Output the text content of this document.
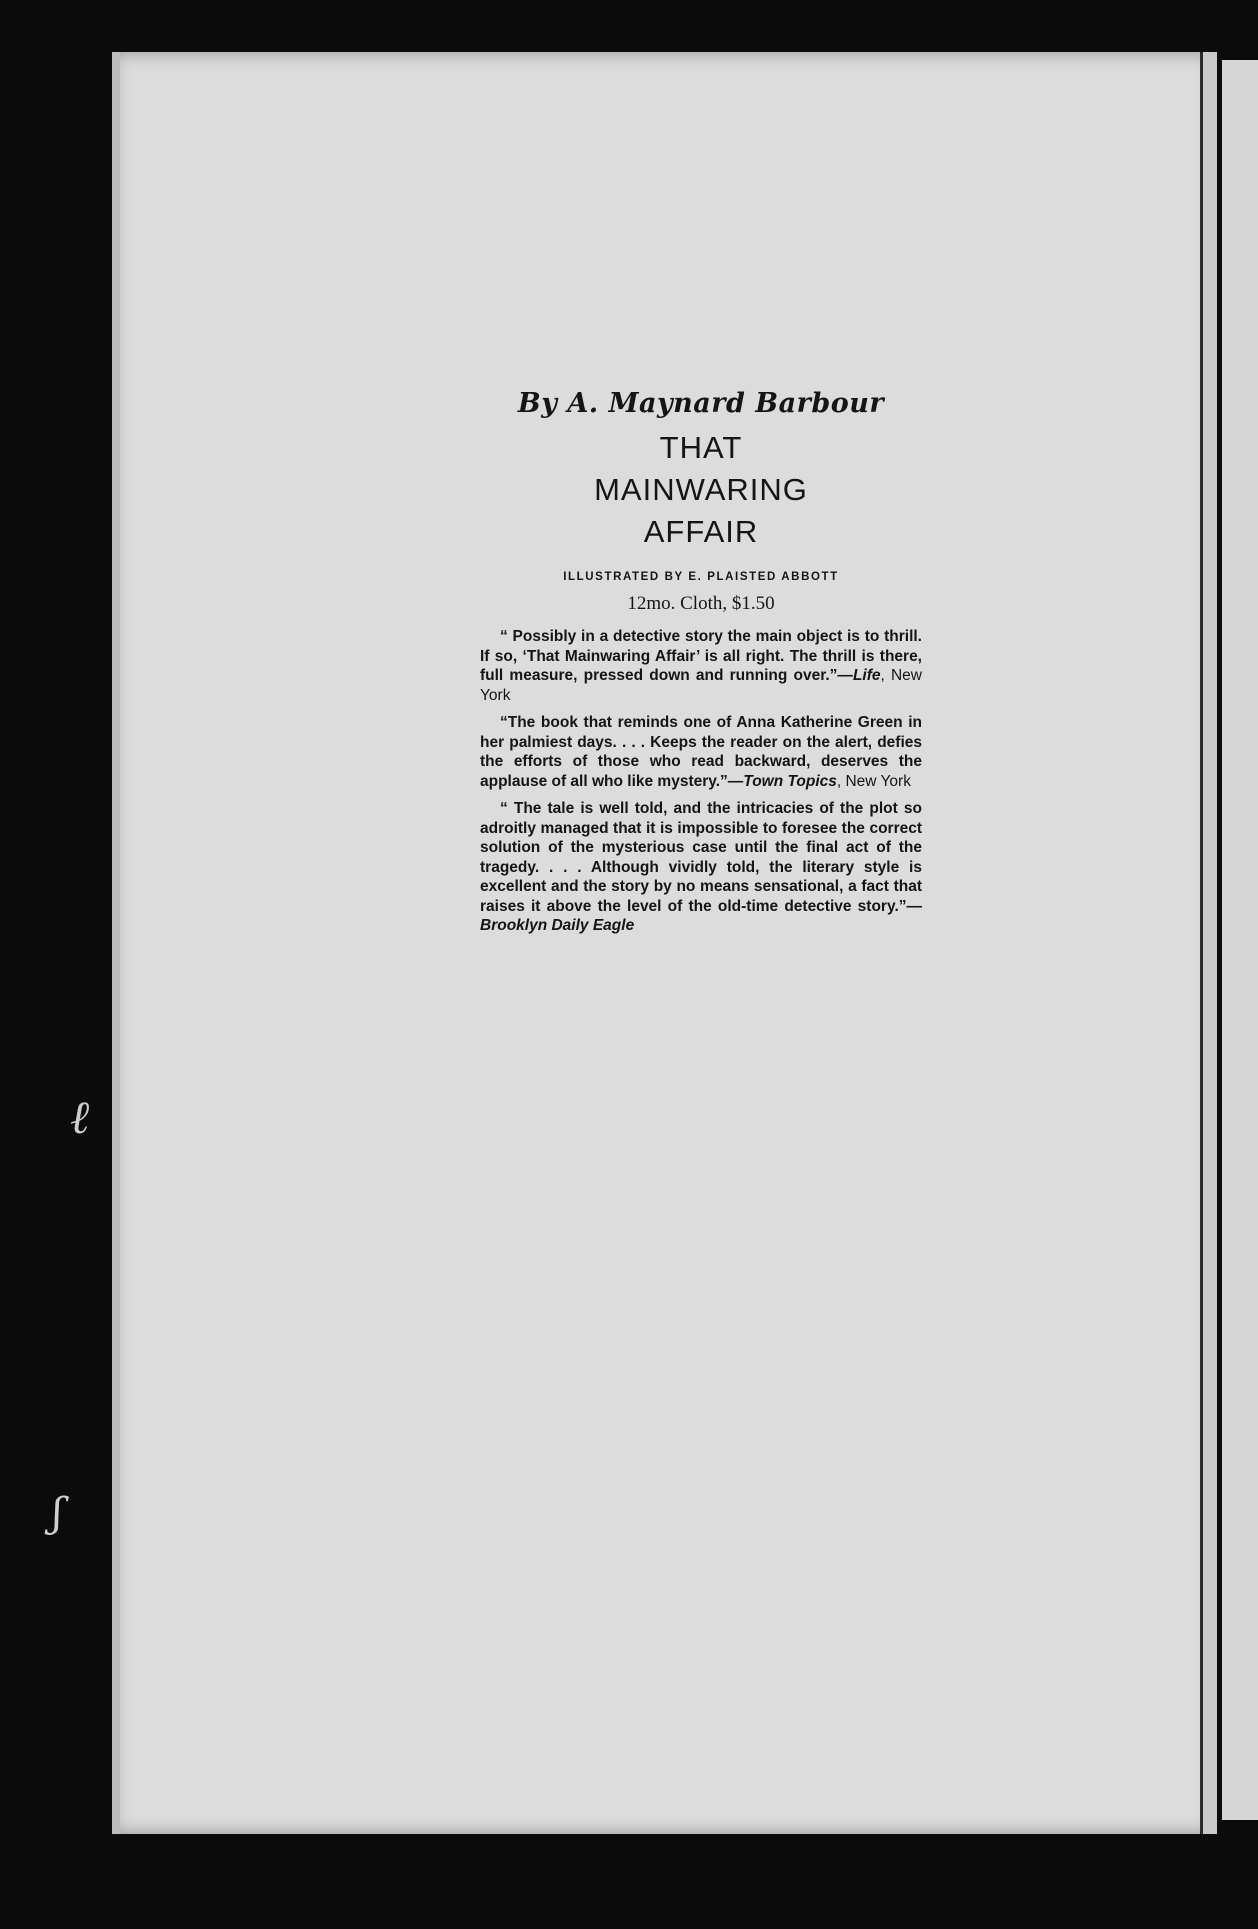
ℓ
ʃ

By A. Maynard Barbour

THAT

MAINWARING

AFFAIR

ILLUSTRATED BY E. PLAISTED ABBOTT

12mo. Cloth, $1.50

“ Possibly in a detective story the main object is to thrill. If so, ‘That Mainwaring Affair’ is all right. The thrill is there, full measure, pressed down and running over.”—Life, New York

“The book that reminds one of Anna Katherine Green in her palmiest days. . . . Keeps the reader on the alert, defies the efforts of those who read backward, deserves the applause of all who like mystery.”—Town Topics, New York

“ The tale is well told, and the intricacies of the plot so adroitly managed that it is impossible to foresee the correct solution of the mysterious case until the final act of the tragedy. . . . Although vividly told, the literary style is excellent and the story by no means sensational, a fact that raises it above the level of the old-time detective story.”—Brooklyn Daily Eagle
